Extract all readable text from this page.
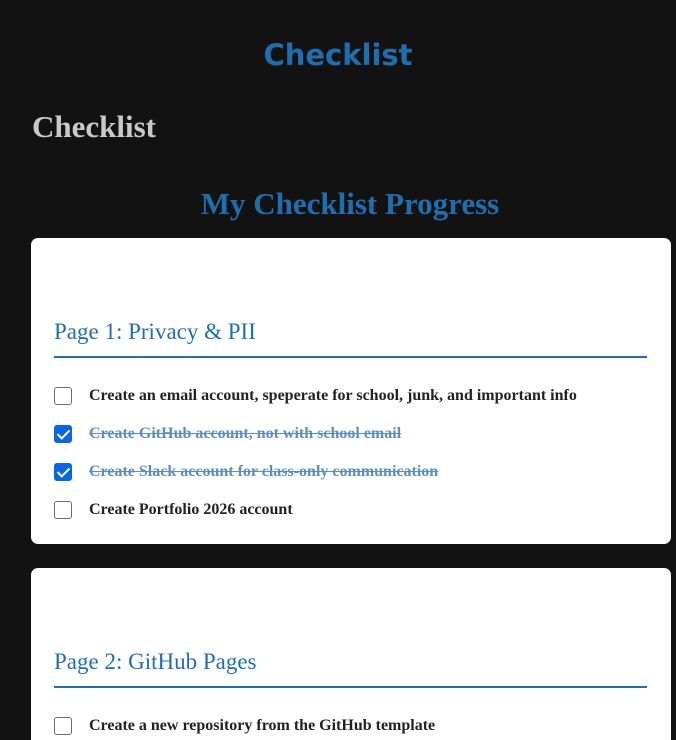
Checklist
Checklist
My Checklist Progress
Page 1: Privacy & PII
Create an email account, speperate for school, junk, and important info
Create GitHub account, not with school email
Create Slack account for class-only communication
Create Portfolio 2026 account
Page 2: GitHub Pages
Create a new repository from the GitHub template
